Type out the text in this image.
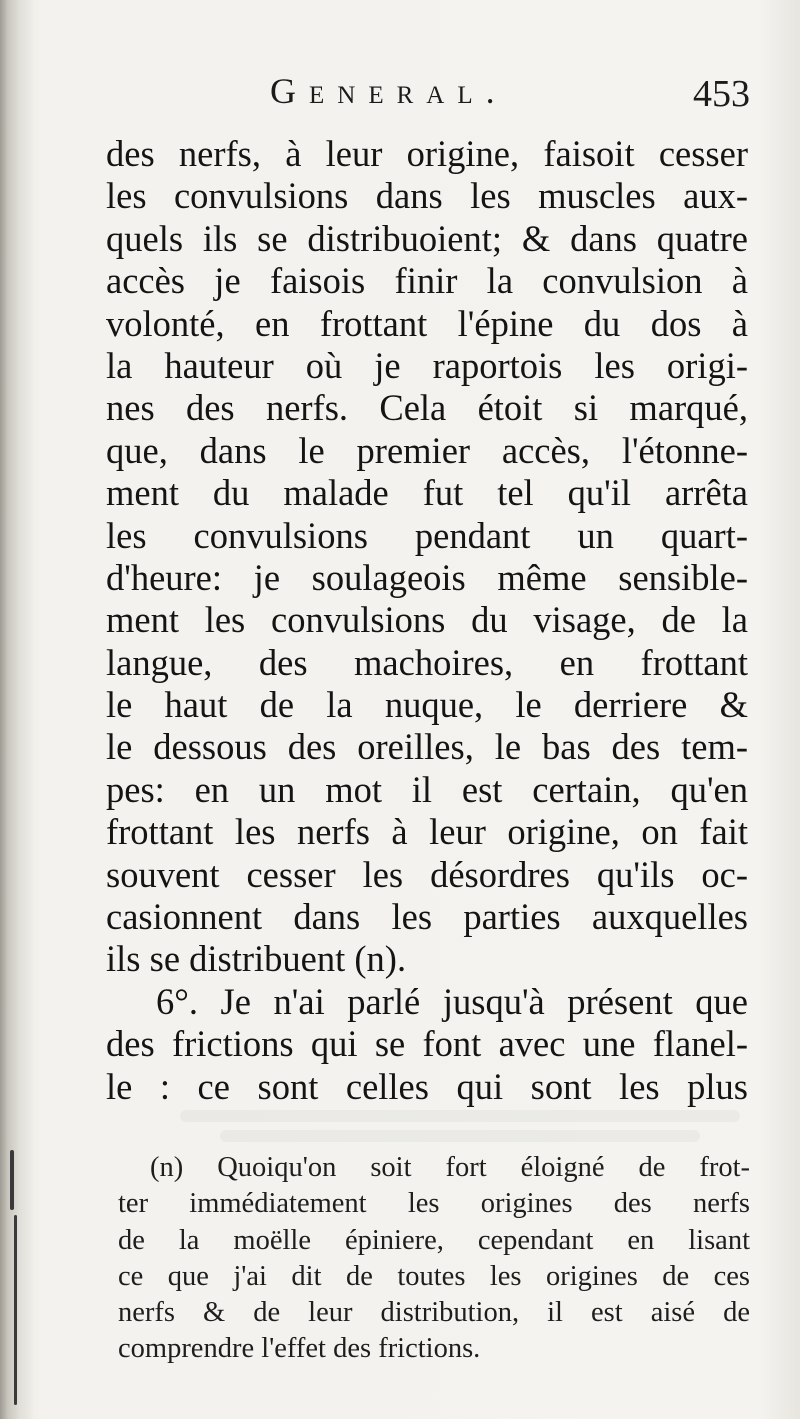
General.	453
des nerfs, à leur origine, faisoit cesser
les convulsions dans les muscles aux-
quels ils se distribuoient; & dans quatre
accès je faisois finir la convulsion à
volonté, en frottant l'épine du dos à
la hauteur où je raportois les origi-
nes des nerfs. Cela étoit si marqué,
que, dans le premier accès, l'étonne-
ment du malade fut tel qu'il arrêta
les convulsions pendant un quart-
d'heure: je soulageois même sensible-
ment les convulsions du visage, de la
langue, des machoires, en frottant
le haut de la nuque, le derriere &
le dessous des oreilles, le bas des tem-
pes: en un mot il est certain, qu'en
frottant les nerfs à leur origine, on fait
souvent cesser les désordres qu'ils oc-
casionnent dans les parties auxquelles
ils se distribuent (n).
6°. Je n'ai parlé jusqu'à présent que
des frictions qui se font avec une flanel-
le : ce sont celles qui sont les plus
(n) Quoiqu'on soit fort éloigné de frot-
ter immédiatement les origines des nerfs
de la moëlle épiniere, cependant en lisant
ce que j'ai dit de toutes les origines de ces
nerfs & de leur distribution, il est aisé de
comprendre l'effet des frictions.
